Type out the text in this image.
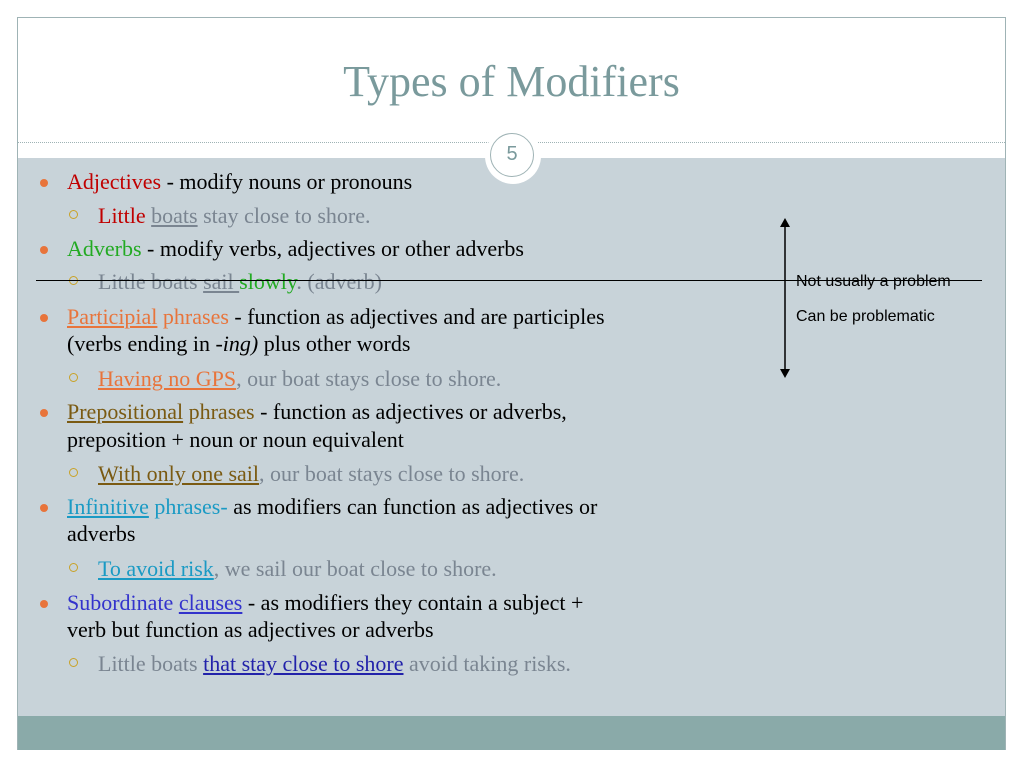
Types of Modifiers
5
Adjectives - modify nouns or pronouns
Little boats stay close to shore.
Adverbs - modify verbs, adjectives or other adverbs
Little boats sail slowly. (adverb)
Participial phrases - function as adjectives and are participles
(verbs ending in -ing) plus other words
Having no GPS, our boat stays close to shore.
Prepositional phrases - function as adjectives or adverbs,
preposition + noun or noun equivalent
With only one sail, our boat stays close to shore.
Infinitive phrases- as modifiers can function as adjectives or
adverbs
To avoid risk, we sail our boat close to shore.
Subordinate clauses - as modifiers they contain a subject +
verb but function as adjectives or adverbs
Little boats that stay close to shore avoid taking risks.
Not usually a problem
Can be problematic
